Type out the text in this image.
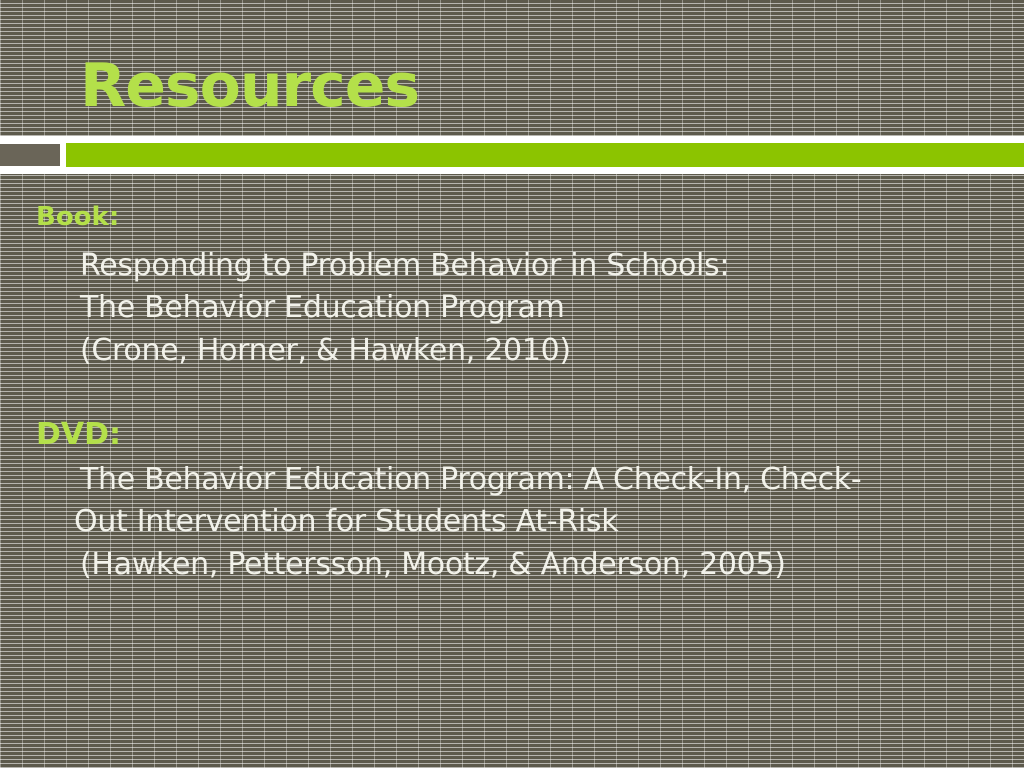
Resources
Book:
Responding to Problem Behavior in Schools:
The Behavior Education Program
(Crone, Horner, & Hawken, 2010)
DVD:
The Behavior Education Program: A Check-In, Check-
Out Intervention for Students At-Risk
(Hawken, Pettersson, Mootz, & Anderson, 2005)
